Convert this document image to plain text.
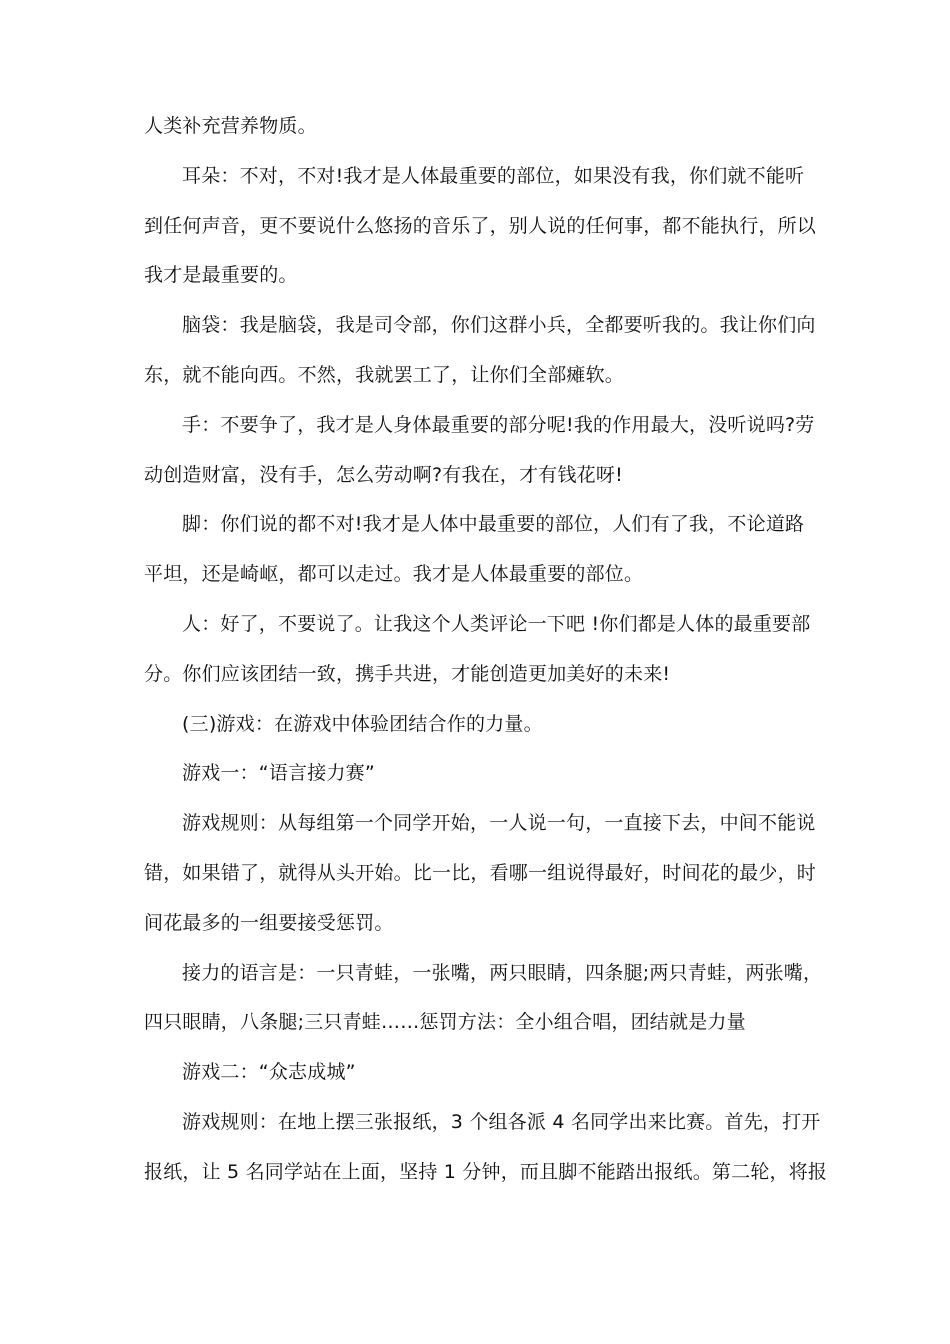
人类补充营养物质。
耳朵：不对，不对!我才是人体最重要的部位，如果没有我，你们就不能听
到任何声音，更不要说什么悠扬的音乐了，别人说的任何事，都不能执行，所以
我才是最重要的。
脑袋：我是脑袋，我是司令部，你们这群小兵，全都要听我的。我让你们向
东，就不能向西。不然，我就罢工了，让你们全部瘫软。
手：不要争了，我才是人身体最重要的部分呢!我的作用最大，没听说吗?劳
动创造财富，没有手，怎么劳动啊?有我在，才有钱花呀!
脚：你们说的都不对!我才是人体中最重要的部位，人们有了我，不论道路
平坦，还是崎岖，都可以走过。我才是人体最重要的部位。
人：好了，不要说了。让我这个人类评论一下吧 !你们都是人体的最重要部
分。你们应该团结一致，携手共进，才能创造更加美好的未来!
(三)游戏：在游戏中体验团结合作的力量。
游戏一：“语言接力赛”
游戏规则：从每组第一个同学开始，一人说一句，一直接下去，中间不能说
错，如果错了，就得从头开始。比一比，看哪一组说得最好，时间花的最少，时
间花最多的一组要接受惩罚。
接力的语言是：一只青蛙，一张嘴，两只眼睛，四条腿;两只青蛙，两张嘴，
四只眼睛，八条腿;三只青蛙……惩罚方法：全小组合唱，团结就是力量
游戏二：“众志成城”
游戏规则：在地上摆三张报纸，3 个组各派 4 名同学出来比赛。首先，打开
报纸，让 5 名同学站在上面，坚持 1 分钟，而且脚不能踏出报纸。第二轮，将报
